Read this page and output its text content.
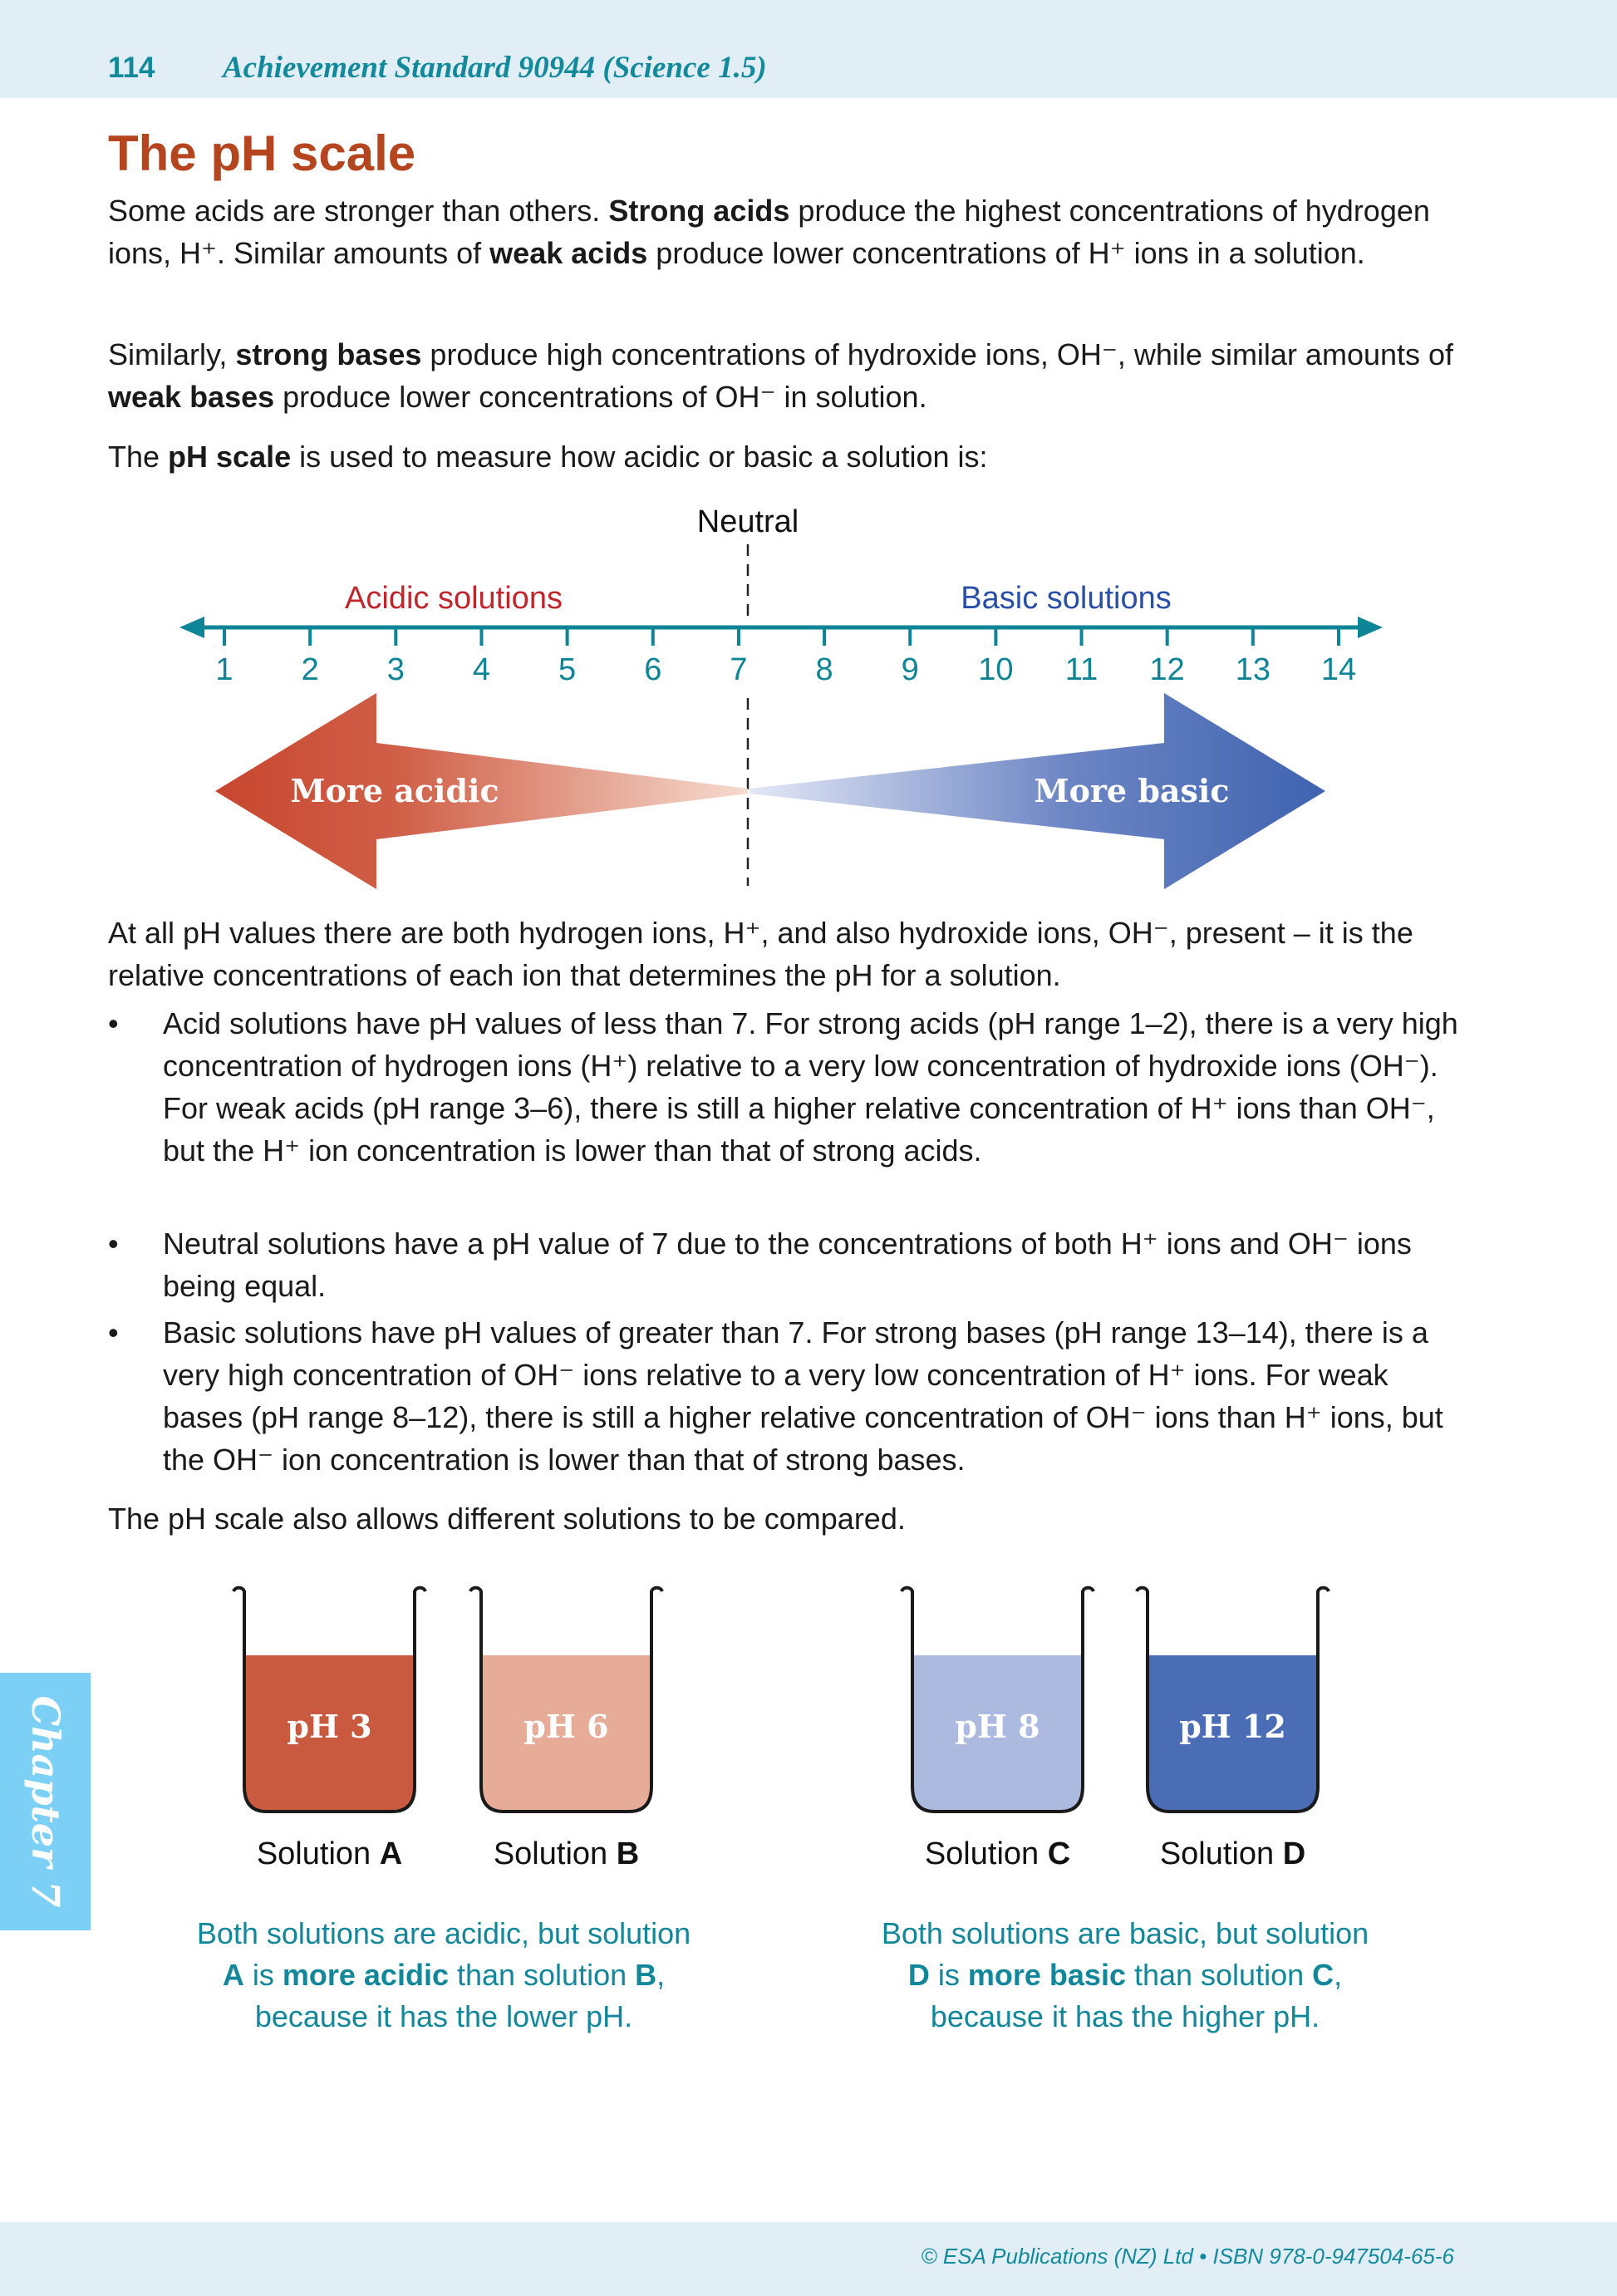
114 Achievement Standard 90944 (Science 1.5)
The pH scale
Some acids are stronger than others. Strong acids produce the highest concentrations of hydrogen ions, H⁺. Similar amounts of weak acids produce lower concentrations of H⁺ ions in a solution.
Similarly, strong bases produce high concentrations of hydroxide ions, OH⁻, while similar amounts of weak bases produce lower concentrations of OH⁻ in solution.
The pH scale is used to measure how acidic or basic a solution is:
Neutral
Acidic solutions	Basic solutions
1 2 3 4 5 6 7 8 9 10 11 12 13 14
More acidic	More basic
pH 3
Solution A
pH 6
Solution B
pH 8
Solution C
pH 12
Solution D
At all pH values there are both hydrogen ions, H⁺, and also hydroxide ions, OH⁻, present – it is the relative concentrations of each ion that determines the pH for a solution.
•	Acid solutions have pH values of less than 7. For strong acids (pH range 1–2), there is a very high concentration of hydrogen ions (H⁺) relative to a very low concentration of hydroxide ions (OH⁻). For weak acids (pH range 3–6), there is still a higher relative concentration of H⁺ ions than OH⁻, but the H⁺ ion concentration is lower than that of strong acids.
•	Neutral solutions have a pH value of 7 due to the concentrations of both H⁺ ions and OH⁻ ions being equal.
•	Basic solutions have pH values of greater than 7. For strong bases (pH range 13–14), there is a very high concentration of OH⁻ ions relative to a very low concentration of H⁺ ions. For weak bases (pH range 8–12), there is still a higher relative concentration of OH⁻ ions than H⁺ ions, but the OH⁻ ion concentration is lower than that of strong bases.
The pH scale also allows different solutions to be compared.
Both solutions are acidic, but solution
A is more acidic than solution B,
because it has the lower pH.
Both solutions are basic, but solution
D is more basic than solution C,
because it has the higher pH.
Chapter 7
© ESA Publications (NZ) Ltd • ISBN 978-0-947504-65-6
